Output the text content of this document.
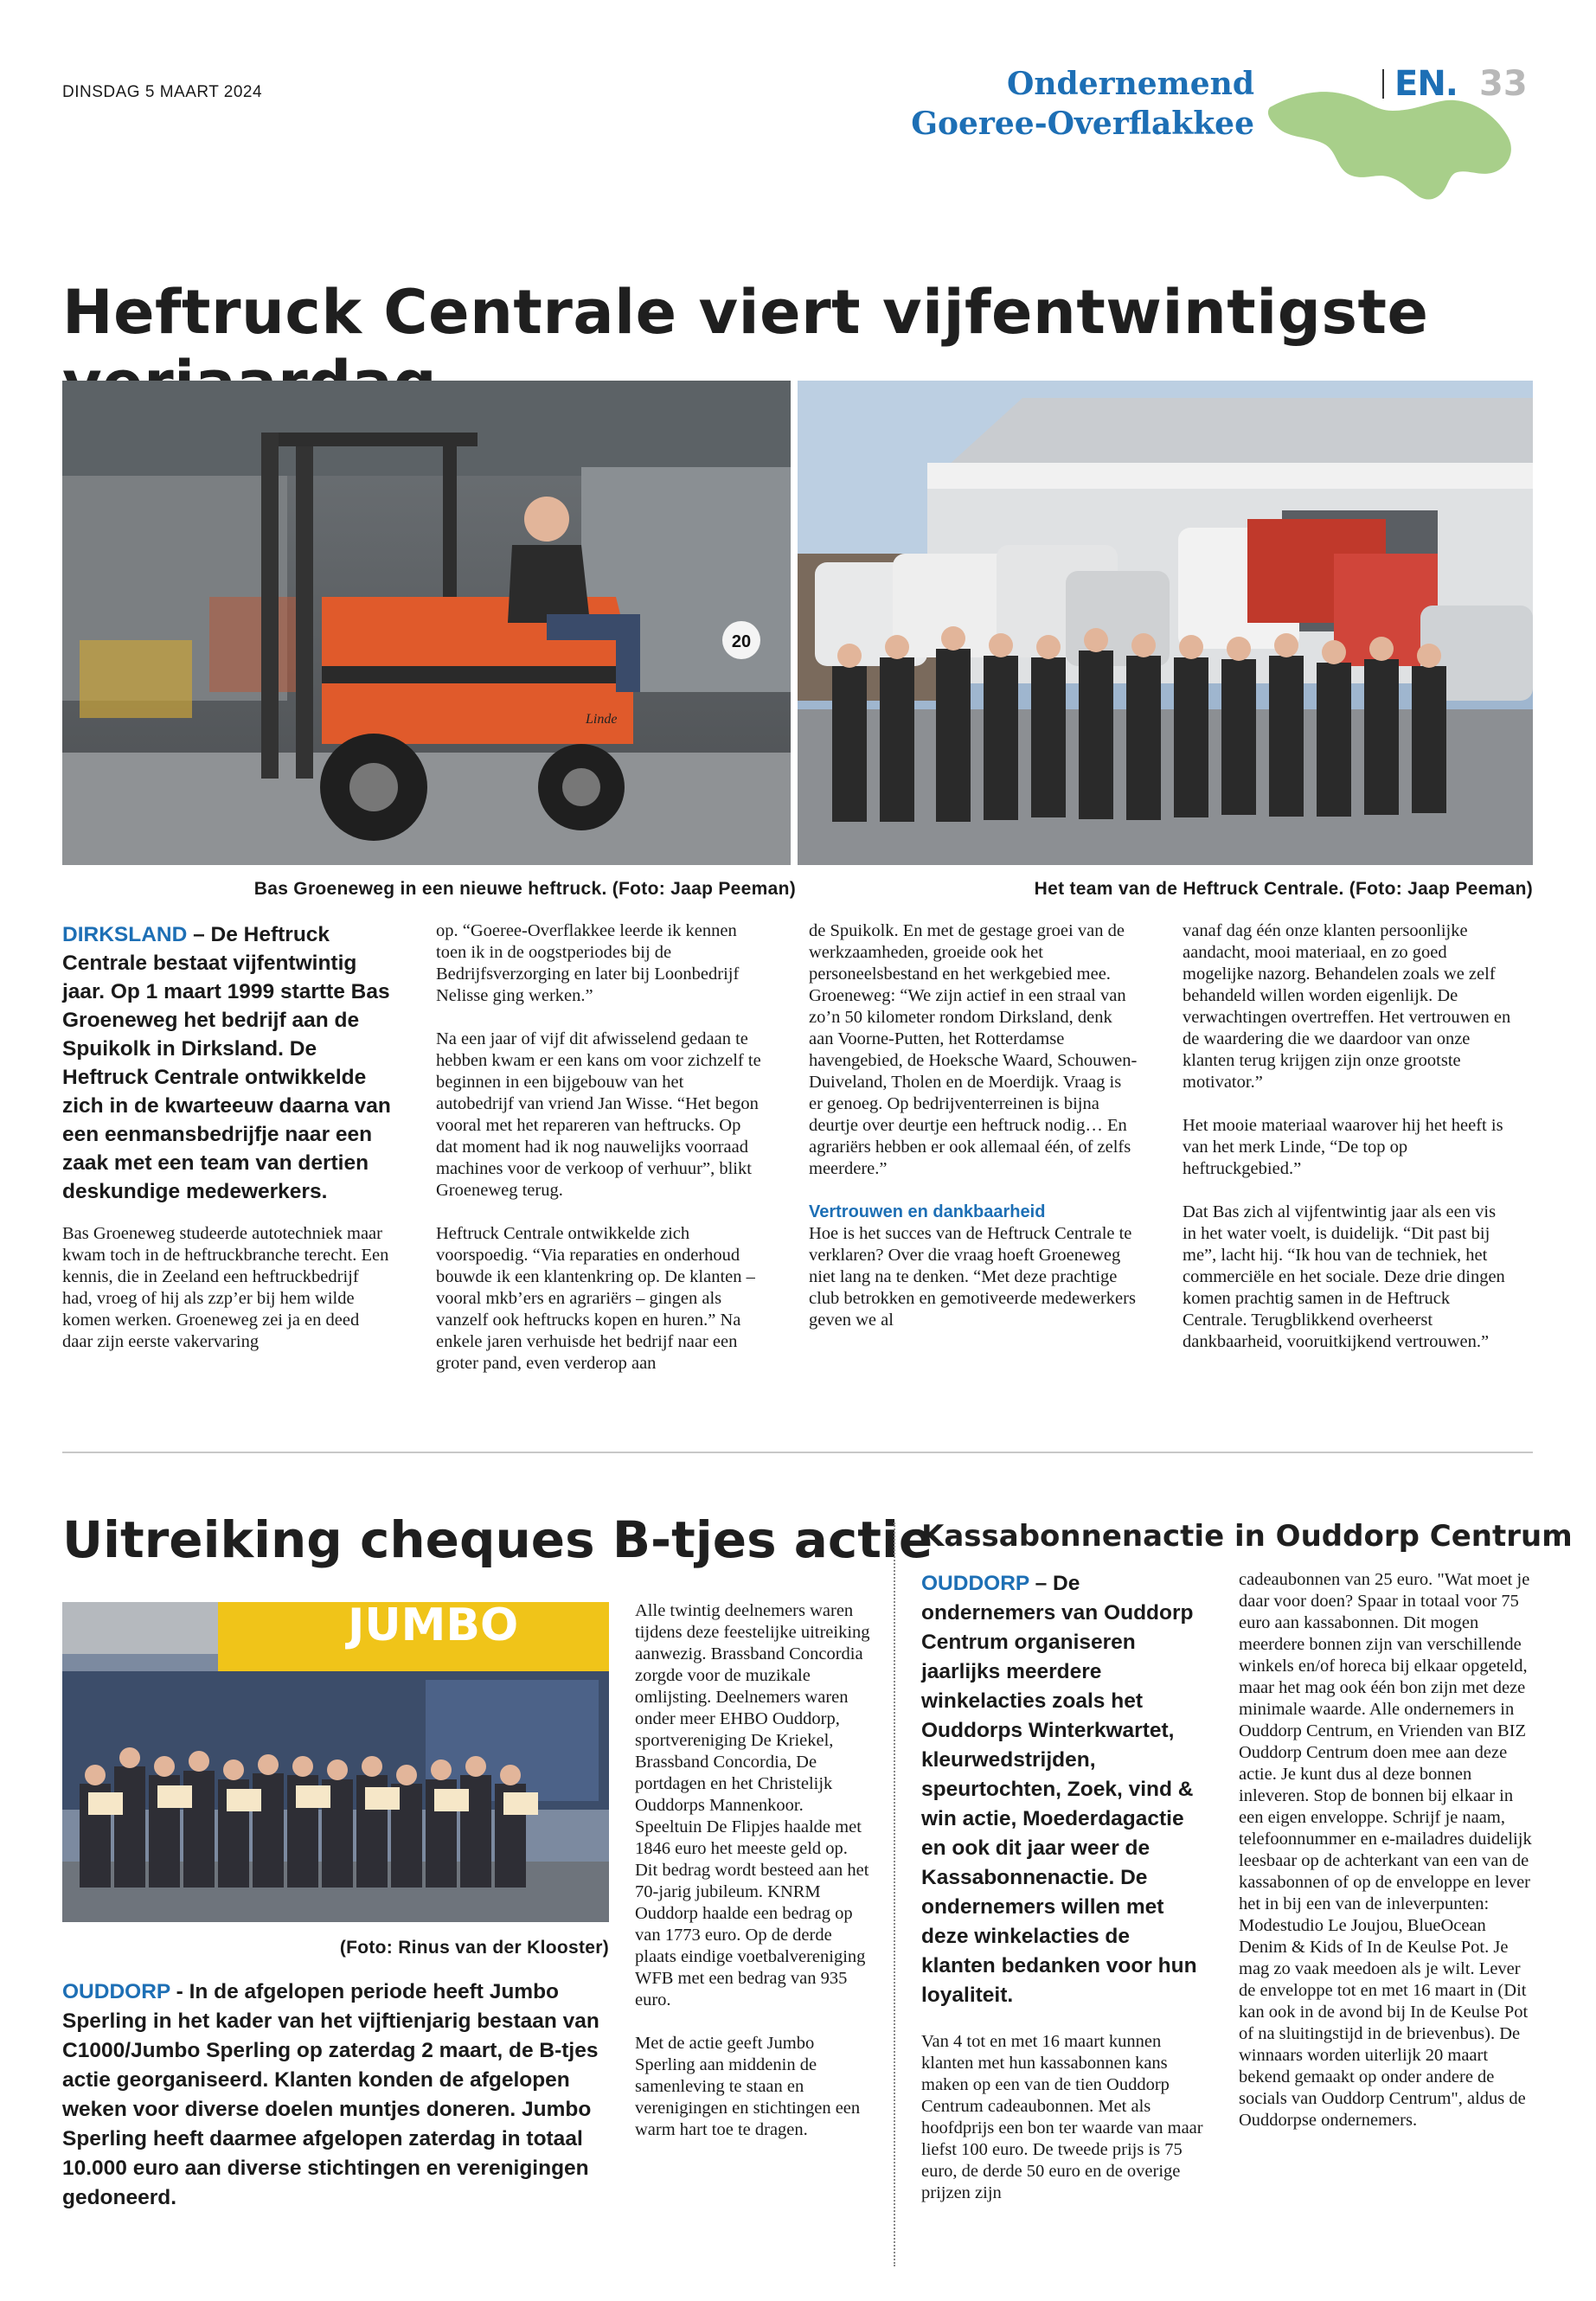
DINSDAG 5 MAART 2024	Ondernemend
Goeree-Overflakkee
EN. 33
Heftruck Centrale viert vijfentwintigste
20
Linde
Bas Groeneweg in een nieuwe heftruck. (Foto: Jaap Peeman)	Het team van de Heftruck Centrale. (Foto: Jaap Peeman)
DIRKSLAND – De Heftruck Centrale bestaat vijfentwintig jaar. Op 1 maart 1999 startte Bas Groeneweg het bedrijf aan de Spuikolk in Dirksland. De Heftruck Centrale ontwikkelde zich in de kwarteeuw daarna van een eenmansbedrijfje naar een zaak met een team van dertien deskundige medewerkers.

Bas Groeneweg studeerde autotechniek maar kwam toch in de heftruckbranche terecht. Een kennis, die in Zeeland een heftruckbedrijf had, vroeg of hij als zzp’er bij hem wilde komen werken. Groeneweg zei ja en deed daar zijn eerste vakervaring

op. “Goeree-Overflakkee leerde ik kennen toen ik in de oogstperiodes bij de Bedrijfsverzorging en later bij Loonbedrijf Nelisse ging werken.”

Na een jaar of vijf dit afwisselend gedaan te hebben kwam er een kans om voor zichzelf te beginnen in een bijgebouw van het autobedrijf van vriend Jan Wisse. “Het begon vooral met het repareren van heftrucks. Op dat moment had ik nog nauwelijks voorraad machines voor de verkoop of verhuur”, blikt Groeneweg terug.

Heftruck Centrale ontwikkelde zich voorspoedig. “Via reparaties en onderhoud bouwde ik een klantenkring op. De klanten – vooral mkb’ers en agrariërs – gingen als vanzelf ook heftrucks kopen en huren.” Na enkele jaren verhuisde het bedrijf naar een groter pand, even verderop aan

de Spuikolk. En met de gestage groei van de werkzaamheden, groeide ook het personeelsbestand en het werkgebied mee. Groeneweg: “We zijn actief in een straal van zo’n 50 kilometer rondom Dirksland, denk aan Voorne-Putten, het Rotterdamse havengebied, de Hoeksche Waard, Schouwen-Duiveland, Tholen en de Moerdijk. Vraag is er genoeg. Op bedrijventerreinen is bijna deurtje over deurtje een heftruck nodig… En agrariërs hebben er ook allemaal één, of zelfs meerdere.”

Vertrouwen en dankbaarheid

Hoe is het succes van de Heftruck Centrale te verklaren? Over die vraag hoeft Groeneweg niet lang na te denken. “Met deze prachtige club betrokken en gemotiveerde medewerkers geven we al

vanaf dag één onze klanten persoonlijke aandacht, mooi materiaal, en zo goed mogelijke nazorg. Behandelen zoals we zelf behandeld willen worden eigenlijk. De verwachtingen overtreffen. Het vertrouwen en de waardering die we daardoor van onze klanten terug krijgen zijn onze grootste motivator.”

Het mooie materiaal waarover hij het heeft is van het merk Linde, “De top op heftruckgebied.”

Dat Bas zich al vijfentwintig jaar als een vis in het water voelt, is duidelijk. “Dit past bij me”, lacht hij. “Ik hou van de techniek, het commerciële en het sociale. Deze drie dingen komen prachtig samen in de Heftruck Centrale. Terugblikkend overheerst dankbaarheid, vooruitkijkend vertrouwen.”

Uitreiking cheques B-tjes actie
JUMBO
(Foto: Rinus van der Klooster)
OUDDORP - In de afgelopen periode heeft Jumbo Sperling in het kader van het vijftienjarig bestaan van C1000/Jumbo Sperling op zaterdag 2 maart, de B-tjes actie georganiseerd. Klanten konden de afgelopen weken voor diverse doelen muntjes doneren. Jumbo Sperling heeft daarmee afgelopen zaterdag in totaal 10.000 euro aan diverse stichtingen en verenigingen gedoneerd.

Alle twintig deelnemers waren tijdens deze feestelijke uitreiking aanwezig. Brassband Concordia zorgde voor de muzikale omlijsting. Deelnemers waren onder meer EHBO Ouddorp, sportvereniging De Kriekel, Brassband Concordia, De portdagen en het Christelijk Ouddorps Mannenkoor. Speeltuin De Flipjes haalde met 1846 euro het meeste geld op. Dit bedrag wordt besteed aan het 70-jarig jubileum. KNRM Ouddorp haalde een bedrag op van 1773 euro. Op de derde plaats eindige voetbalvereniging WFB met een bedrag van 935 euro.

Met de actie geeft Jumbo Sperling aan middenin de samenleving te staan en verenigingen en stichtingen een warm hart toe te dragen.

Kassabonnenactie in Ouddorp Centrum
OUDDORP – De ondernemers van Ouddorp Centrum organiseren jaarlijks meerdere winkelacties zoals het Ouddorps Winterkwartet, kleurwedstrijden, speurtochten, Zoek, vind & win actie, Moederdagactie en ook dit jaar weer de Kassabonnenactie. De ondernemers willen met deze winkelacties de klanten bedanken voor hun loyaliteit.

Van 4 tot en met 16 maart kunnen klanten met hun kassabonnen kans maken op een van de tien Ouddorp Centrum cadeaubonnen. Met als hoofdprijs een bon ter waarde van maar liefst 100 euro. De tweede prijs is 75 euro, de derde 50 euro en de overige prijzen zijn

cadeaubonnen van 25 euro. "Wat moet je daar voor doen? Spaar in totaal voor 75 euro aan kassabonnen. Dit mogen meerdere bonnen zijn van verschillende winkels en/of horeca bij elkaar opgeteld, maar het mag ook één bon zijn met deze minimale waarde. Alle ondernemers in Ouddorp Centrum, en Vrienden van BIZ Ouddorp Centrum doen mee aan deze actie. Je kunt dus al deze bonnen inleveren. Stop de bonnen bij elkaar in een eigen enveloppe. Schrijf je naam, telefoonnummer en e-mailadres duidelijk leesbaar op de achterkant van een van de kassabonnen of op de enveloppe en lever het in bij een van de inleverpunten: Modestudio Le Joujou, BlueOcean Denim & Kids of In de Keulse Pot. Je mag zo vaak meedoen als je wilt. Lever de enveloppe tot en met 16 maart in (Dit kan ook in de avond bij In de Keulse Pot of na sluitingstijd in de brievenbus). De winnaars worden uiterlijk 20 maart bekend gemaakt op onder andere de socials van Ouddorp Centrum", aldus de Ouddorpse ondernemers.
